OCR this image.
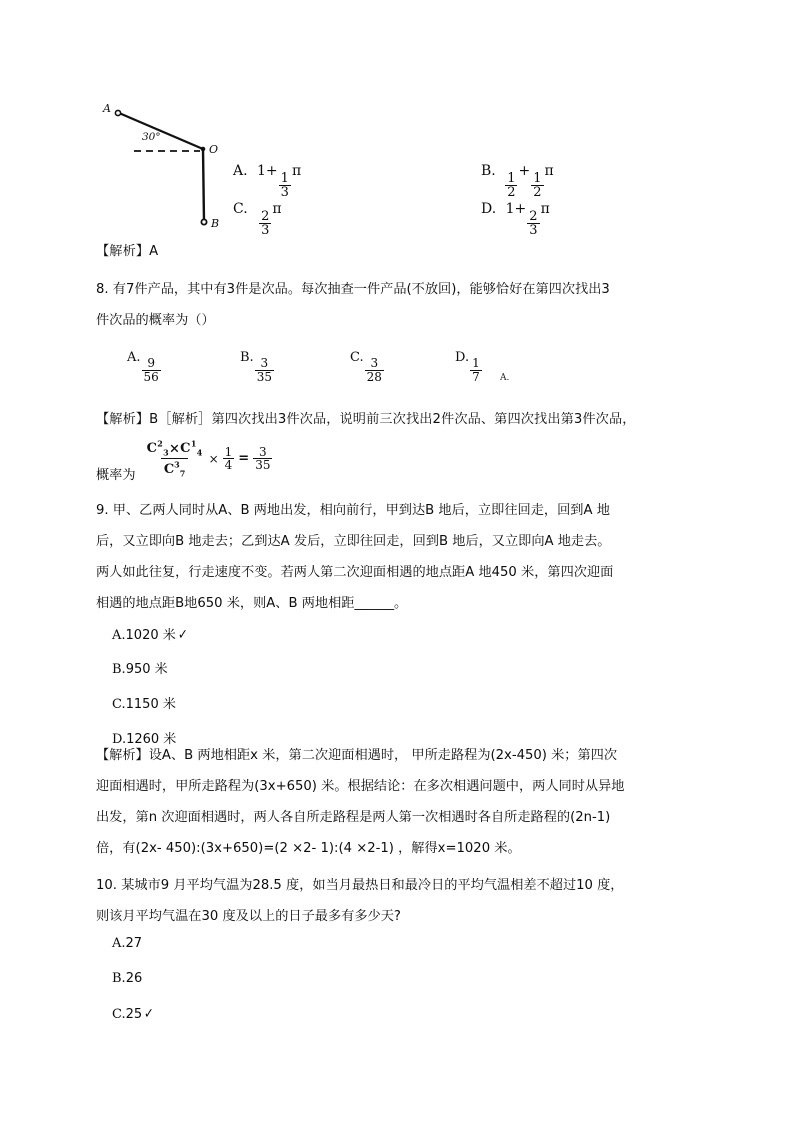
A
O
B
30°
A. 1+
$\frac{1}{3}$
π	B.
$\frac{1}{2}$
+
$\frac{1}{2}$
π
C.
$\frac{2}{3}$
π	D. 1+
$\frac{2}{3}$
π
【解析】A
8. 有7件产品，其中有3件是次品。每次抽查一件产品(不放回)，能够恰好在第四次找出3
件次品的概率为（）
A. $\frac{9}{56}$	B. $\frac{3}{35}$	C. $\frac{3}{28}$	D. $\frac{1}{7} A$.
【解析】B［解析］第四次找出3件次品，说明前三次找出2件次品、第四次找出第3件次品，
概率为 $\frac{C^2_3\times C^1_4}{C^3_7} \times \frac{1}{4} = \frac{3}{35}$
9. 甲、乙两人同时从A、B 两地出发，相向前行，甲到达B 地后，立即往回走，回到A 地
后，又立即向B 地走去；乙到达A 发后，立即往回走，回到B 地后，又立即向A 地走去。
两人如此往复，行走速度不变。若两人第二次迎面相遇的地点距A 地450 米，第四次迎面
相遇的地点距B地650 米，则A、B 两地相距______。
A.1020 米 ✓
B.950 米
C.1150 米
D.1260 米
【解析】设A、B 两地相距x 米，第二次迎面相遇时， 甲所走路程为(2x-450) 米；第四次
迎面相遇时，甲所走路程为(3x+650) 米。根据结论：在多次相遇问题中，两人同时从异地
出发，第n 次迎面相遇时，两人各自所走路程是两人第一次相遇时各自所走路程的(2n-1)
倍，有(2x- 450):(3x+650)=(2 ×2- 1):(4 ×2-1) ，解得x=1020 米。
10. 某城市9 月平均气温为28.5 度，如当月最热日和最冷日的平均气温相差不超过10 度，
则该月平均气温在30 度及以上的日子最多有多少天?
A.27
B.26
C.25 ✓
